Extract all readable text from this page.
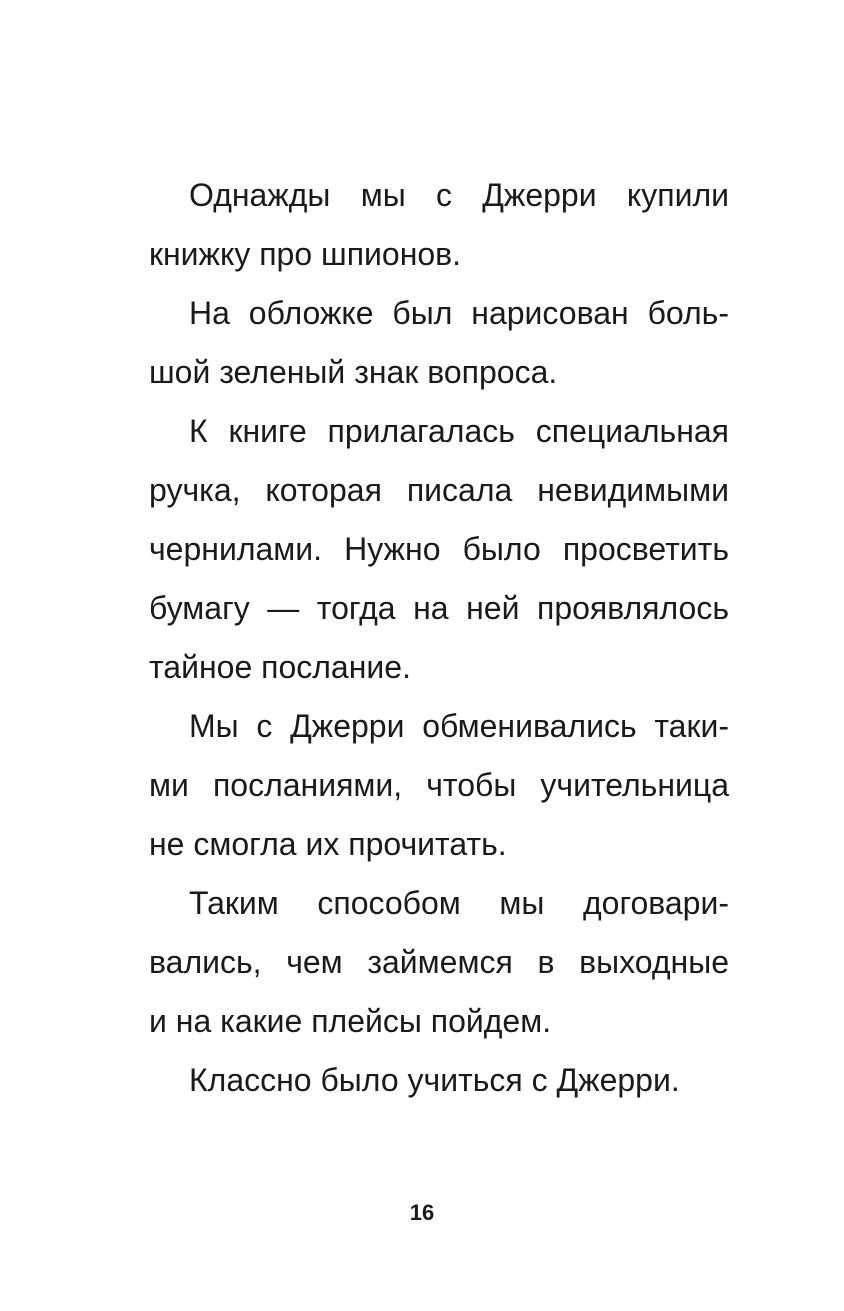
Однажды мы с Джерри купили
книжку про шпионов.
На обложке был нарисован боль-
шой зеленый знак вопроса.
К книге прилагалась специальная
ручка, которая писала невидимыми
чернилами. Нужно было просветить
бумагу — тогда на ней проявлялось
тайное послание.
Мы с Джерри обменивались таки-
ми посланиями, чтобы учительница
не смогла их прочитать.
Таким способом мы договари-
вались, чем займемся в выходные
и на какие плейсы пойдем.
Классно было учиться с Джерри.
16
